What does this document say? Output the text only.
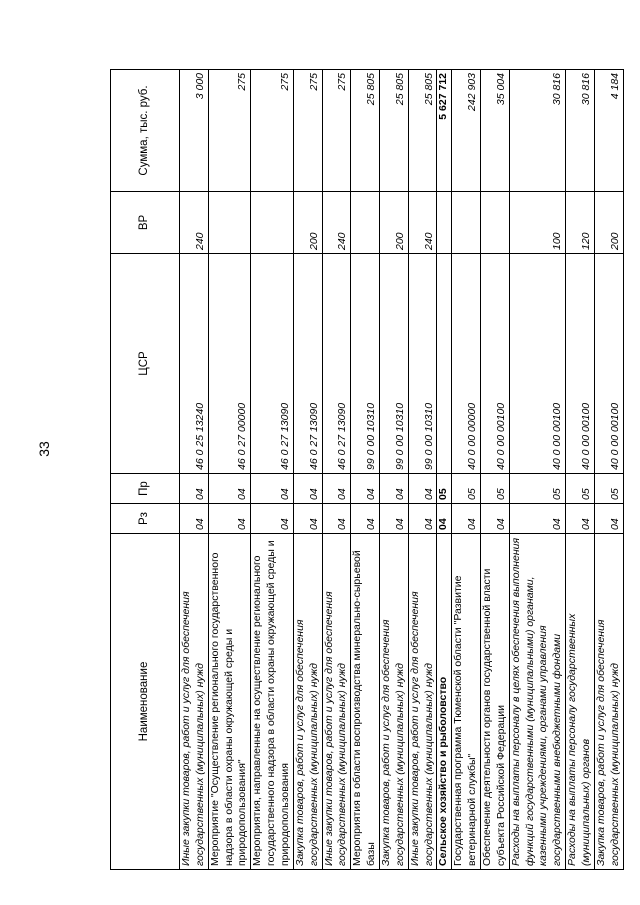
33
Наименование	Рз	Пр	ЦСР	ВР	Сумма, тыс. руб.
Иные закупки товаров, работ и услуг для обеспечения государственных (муниципальных) нужд	04	04	46 0 25 13240	240	3 000
Мероприятие "Осуществление регионального государственного надзора в области охраны окружающей среды и природопользования"	04	04	46 0 27 00000		275
Мероприятия, направленные на осуществление регионального государственного надзора в области охраны окружающей среды и природопользования	04	04	46 0 27 13090		275
Закупка товаров, работ и услуг для обеспечения государственных (муниципальных) нужд	04	04	46 0 27 13090	200	275
Иные закупки товаров, работ и услуг для обеспечения государственных (муниципальных) нужд	04	04	46 0 27 13090	240	275
Мероприятия в области воспроизводства минерально-сырьевой базы	04	04	99 0 00 10310		25 805
Закупка товаров, работ и услуг для обеспечения государственных (муниципальных) нужд	04	04	99 0 00 10310	200	25 805
Иные закупки товаров, работ и услуг для обеспечения государственных (муниципальных) нужд	04	04	99 0 00 10310	240	25 805
Сельское хозяйство и рыболовство	04	05			5 627 712
Государственная программа Тюменской области "Развитие ветеринарной службы"	04	05	40 0 00 00000		242 903
Обеспечение деятельности органов государственной власти субъекта Российской Федерации	04	05	40 0 00 00100		35 004
Расходы на выплаты персоналу в целях обеспечения выполнения функций государственными (муниципальными) органами, казенными учреждениями, органами управления государственными внебюджетными фондами	04	05	40 0 00 00100	100	30 816
Расходы на выплаты персоналу государственных (муниципальных) органов	04	05	40 0 00 00100	120	30 816
Закупка товаров, работ и услуг для обеспечения государственных (муниципальных) нужд	04	05	40 0 00 00100	200	4 184
